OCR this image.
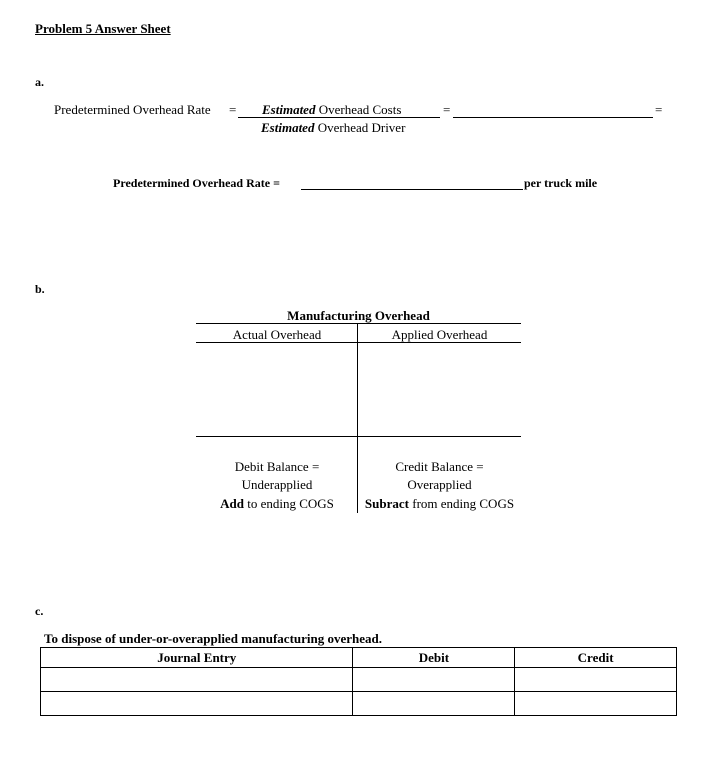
Problem 5 Answer Sheet
a.
Predetermined Overhead Rate = Estimated Overhead Costs
Estimated Overhead Driver
=	=
Predetermined Overhead Rate =	per truck mile
b.
Manufacturing Overhead
Actual Overhead	Applied Overhead
Debit Balance =
Underapplied
Add to ending COGS
Credit Balance =
Overapplied
Subract from ending COGS
c.
To dispose of under-or-overapplied manufacturing overhead.
Journal Entry	Debit	Credit
